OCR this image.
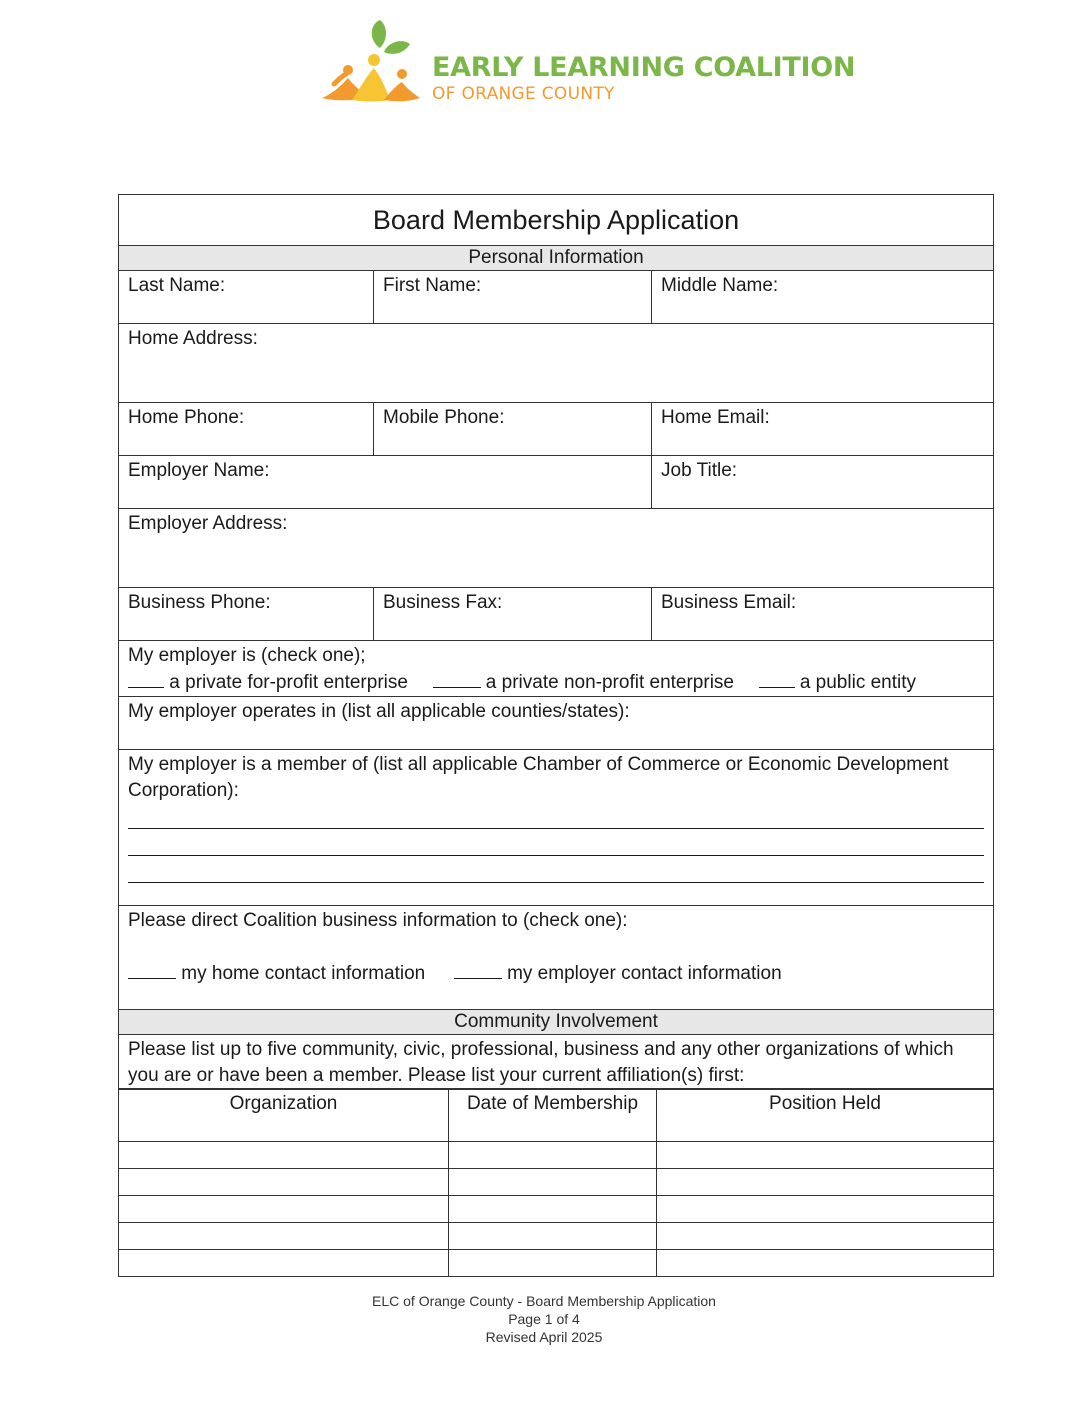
EARLY LEARNING COALITION
OF ORANGE COUNTY
Board Membership Application		
Personal Information		
Last Name:	First Name:	Middle Name:
Home Address:		
Home Phone:	Mobile Phone:	Home Email:
Employer Name:		Job Title:
Employer Address:		
Business Phone:	Business Fax:	Business Email:

My employer is (check one);
a private for-profit enterprise a private non-profit enterprise a public entity		

My employer operates in (list all applicable counties/states):		

My employer is a member of (list all applicable Chamber of Commerce or Economic Development Corporation):		

Please direct Coalition business information to (check one):
my home contact information my employer contact information		

Community Involvement		
Please list up to five community, civic, professional, business and any other organizations of which you are or have been a member. Please list your current affiliation(s) first:		
Organization	Date of Membership	Position Held

ELC of Orange County - Board Membership Application
Page 1 of 4
Revised April 2025
